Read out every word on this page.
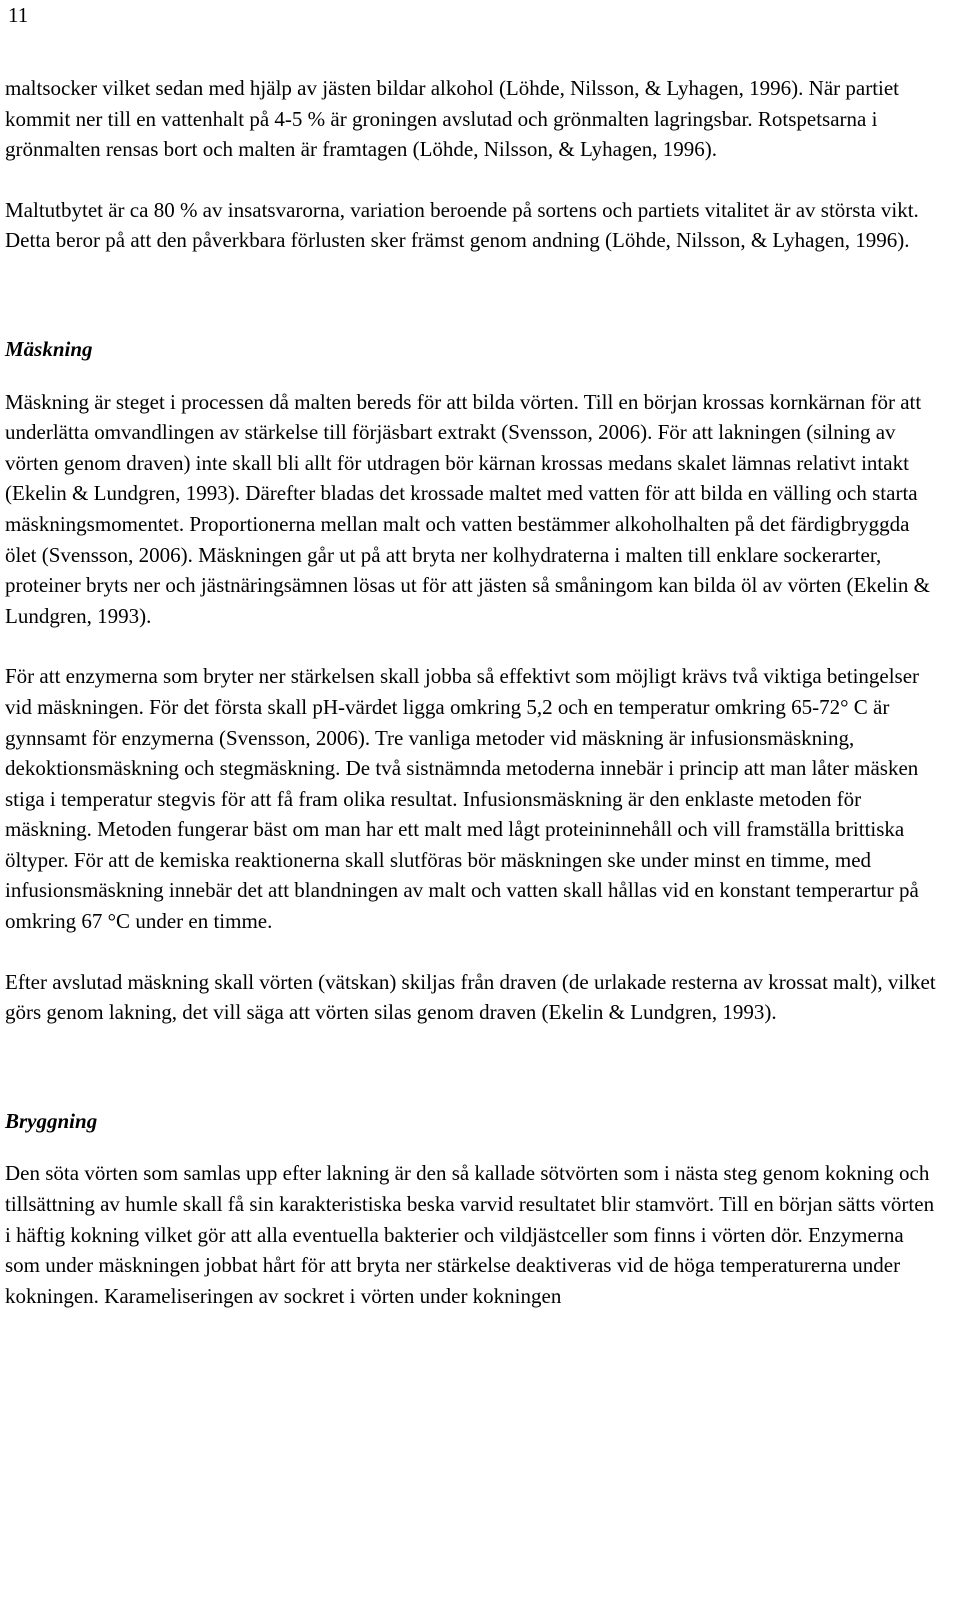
11

maltsocker vilket sedan med hjälp av jästen bildar alkohol (Löhde, Nilsson, & Lyhagen, 1996). När partiet kommit ner till en vattenhalt på 4-5 % är groningen avslutad och grönmalten lagringsbar. Rotspetsarna i grönmalten rensas bort och malten är framtagen (Löhde, Nilsson, & Lyhagen, 1996).

Maltutbytet är ca 80 % av insatsvarorna, variation beroende på sortens och partiets vitalitet är av största vikt. Detta beror på att den påverkbara förlusten sker främst genom andning (Löhde, Nilsson, & Lyhagen, 1996).

Mäskning

Mäskning är steget i processen då malten bereds för att bilda vörten. Till en början krossas kornkärnan för att underlätta omvandlingen av stärkelse till förjäsbart extrakt (Svensson, 2006). För att lakningen (silning av vörten genom draven) inte skall bli allt för utdragen bör kärnan krossas medans skalet lämnas relativt intakt (Ekelin & Lundgren, 1993). Därefter bladas det krossade maltet med vatten för att bilda en välling och starta mäskningsmomentet. Proportionerna mellan malt och vatten bestämmer alkoholhalten på det färdigbryggda ölet (Svensson, 2006). Mäskningen går ut på att bryta ner kolhydraterna i malten till enklare sockerarter, proteiner bryts ner och jästnäringsämnen lösas ut för att jästen så småningom kan bilda öl av vörten (Ekelin & Lundgren, 1993).

För att enzymerna som bryter ner stärkelsen skall jobba så effektivt som möjligt krävs två viktiga betingelser vid mäskningen. För det första skall pH-värdet ligga omkring 5,2 och en temperatur omkring 65-72° C är gynnsamt för enzymerna (Svensson, 2006). Tre vanliga metoder vid mäskning är infusionsmäskning, dekoktionsmäskning och stegmäskning. De två sistnämnda metoderna innebär i princip att man låter mäsken stiga i temperatur stegvis för att få fram olika resultat. Infusionsmäskning är den enklaste metoden för mäskning. Metoden fungerar bäst om man har ett malt med lågt proteininnehåll och vill framställa brittiska öltyper. För att de kemiska reaktionerna skall slutföras bör mäskningen ske under minst en timme, med infusionsmäskning innebär det att blandningen av malt och vatten skall hållas vid en konstant temperartur på omkring 67 °C under en timme.

Efter avslutad mäskning skall vörten (vätskan) skiljas från draven (de urlakade resterna av krossat malt), vilket görs genom lakning, det vill säga att vörten silas genom draven (Ekelin & Lundgren, 1993).

Bryggning

Den söta vörten som samlas upp efter lakning är den så kallade sötvörten som i nästa steg genom kokning och tillsättning av humle skall få sin karakteristiska beska varvid resultatet blir stamvört. Till en början sätts vörten i häftig kokning vilket gör att alla eventuella bakterier och vildjästceller som finns i vörten dör. Enzymerna som under mäskningen jobbat hårt för att bryta ner stärkelse deaktiveras vid de höga temperaturerna under kokningen. Karameliseringen av sockret i vörten under kokningen
